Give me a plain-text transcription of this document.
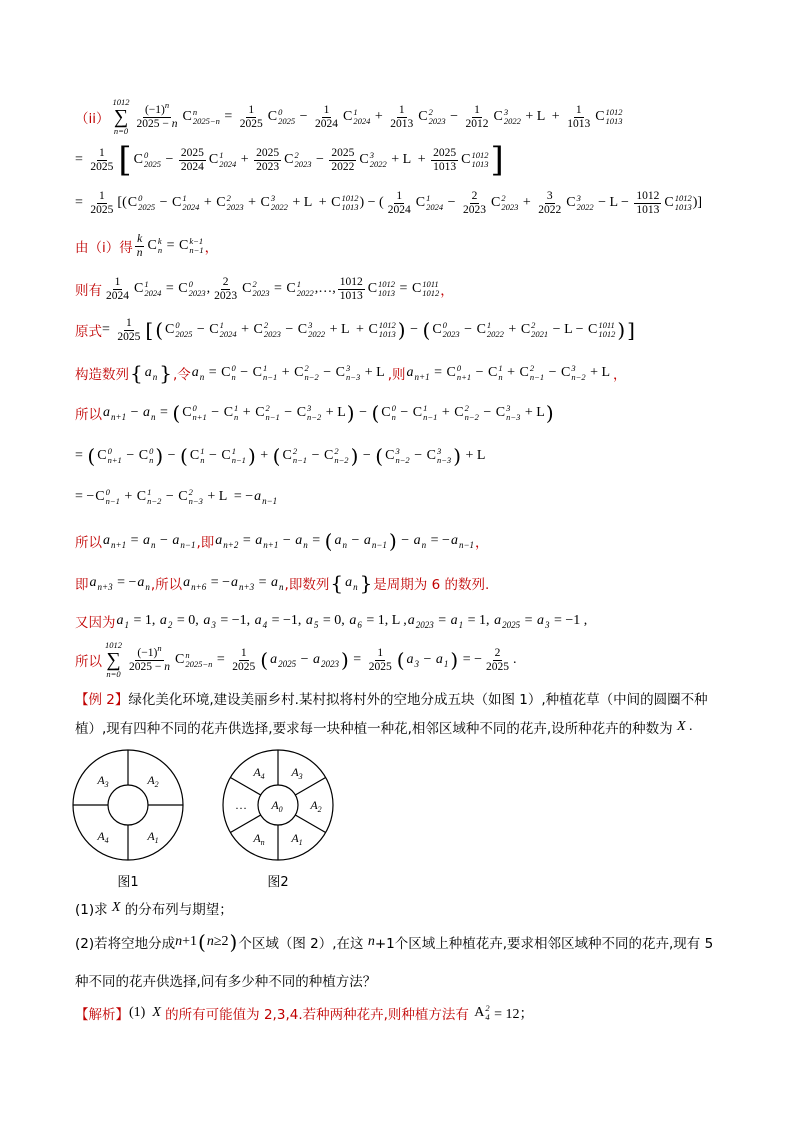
（ii）
1012
∑
n=0
$\frac{(-1) n}{2025 - n}$ C n
$2025-n = \frac{1}{2025}$ C 0
$2025 - \frac{1}{2024}$ C 1
$2024 + \frac{1}{2013}$ C 2
$2023 - \frac{1}{2012}$ C 3
$2022 + L + \frac{1}{1013}$ C 1012
1013
= $\frac{1}{2025}$ [ C 0
$2025 - \frac{2025}{2024}$ C 1
$2024 + \frac{2025}{2023}$ C 2
$2023 - \frac{2025}{2022}$ C 3
$2022 + L + \frac{2025}{1013}$ C 1012
1013 ]
= $\frac{1}{2025}$ [( C 0
2025 − C 1
2024 + C 2
2023 + C 3
2022 + L  + C 1012
1013 ) − ( $\frac{1}{2024}$ C 1
$2024 - \frac{2}{2023}$ C 2
$2023 + \frac{3}{2022}$ C 3
$2022 - L - \frac{1012}{1013}$ C 1012
1013 )]
由（i）得 $\frac{k}{n}$ C k
n = C k−1
n−1 ，
则有 $\frac{1}{2024}$ C 1
2024 = C 0
2023 , $\frac{2}{2023}$ C 2
2023 = C 1
2022 ,…, $\frac{1012}{1013}$ C 1012
1013 = C 1011
1012 ，
原式 = $\frac{1}{2025}$ [ ( C 0
2025 − C 1
2024 + C 2
2023 − C 3
2022 + L  + C 1012
1013 ) − ( C 0
2023 − C 1
2022 + C 2
2021 − L − C 1011
1012 ) ]
构造数列 { a n } ,令 a n = C 0
n − C 1
n−1 + C 2
n−2 − C 3
n−3 + L ,则 a n+1 = C 0
n+1 − C 1
n + C 2
n−1 − C 3
n−2 + L ，
所以 a n+1 − a n = ( C 0
n+1 − C 1
n + C 2
n−1 − C 3
n−2 + L ) − ( C 0
n − C 1
n−1 + C 2
n−2 − C 3
n−3 + L )
= ( C 0
n+1 − C 0
n ) − ( C 1
n − C 1
n−1 ) + ( C 2
n−1 − C 2
n−2 ) − ( C 3
n−2 − C 3
n−3 ) + L
= − C 0
n−1 + C 1
n−2 − C 2
n−3 + L  = − a n−1
所以 a n+1 = a n − a n−1 ,即 a n+2 = a n+1 − a n = ( a n − a n−1 ) − a n = − a n−1 ，
即 a n+3 = − a n ,所以 a n+6 = − a n+3 = a n ,即数列 { a n } 是周期为 6 的数列.
又因为 a 1 = 1, a 2 = 0, a 3 = −1, a 4 = −1, a 5 = 0, a 6 = 1, L , a 2023 = a 1 = 1, a 2025 = a 3 = −1 ,
所以
1012
∑
n=0
$\frac{(-1) n}{2025 - n}$ C n
$2025-n = \frac{1}{2025}$ ( a 2025 − a 2023 ) = $\frac{1}{2025}$ ( a 3 − a 1 ) = − $\frac{2}{2025}$ .
【例 2】 绿化美化环境,建设美丽乡村.某村拟将村外的空地分成五块（如图 1）,种植花草（中间的圆圈不种
植）,现有四种不同的花卉供选择,要求每一块种植一种花,相邻区域种不同的花卉,设所种花卉的种数为 X .
$A_3$	$A_2$
$A_4$	$A_1$
图1
$A_4$ $A_3$
$A_2$
$A_1$
$A_n$
… $A_0$
图2
(1)求 X 的分布列与期望；
(2)若将空地分成 n +1 ( n ≥2 ) 个区域（图 2）,在这 n +1个区域上种植花卉,要求相邻区域种不同的花卉,现有 5
种不同的花卉供选择,问有多少种不同的种植方法？
【解析】 (1) X 的所有可能值为 2,3,4.若种两种花卉,则种植方法有 A 2
4 = 12；
